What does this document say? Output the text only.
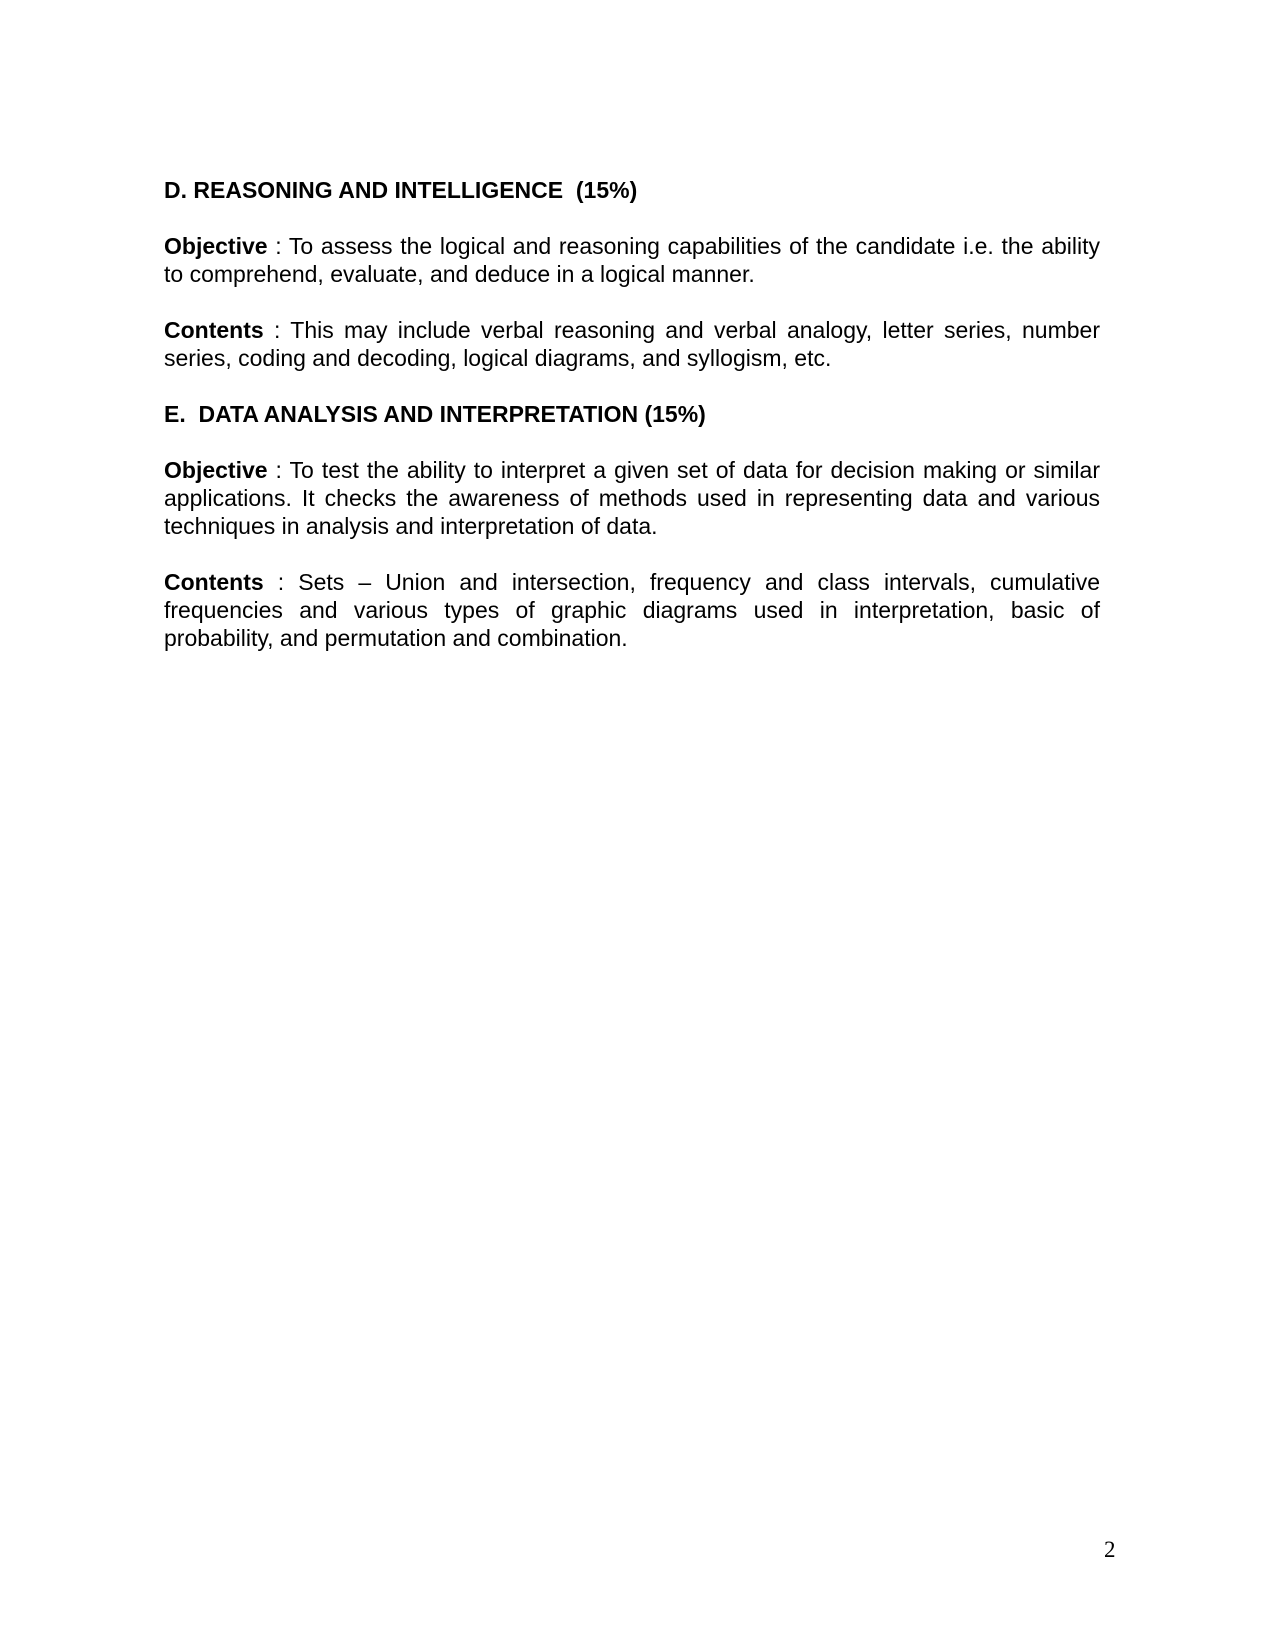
D. REASONING AND INTELLIGENCE  (15%)

Objective : To assess the logical and reasoning capabilities of the candidate i.e. the ability to comprehend, evaluate, and deduce in a logical manner.

Contents : This may include verbal reasoning and verbal analogy, letter series, number series, coding and decoding, logical diagrams, and syllogism, etc.

E.  DATA ANALYSIS AND INTERPRETATION (15%)

Objective : To test the ability to interpret a given set of data for decision making or similar applications. It checks the awareness of methods used in representing data and various techniques in analysis and interpretation of data.

Contents : Sets – Union and intersection, frequency and class intervals, cumulative frequencies and various types of graphic diagrams used in interpretation, basic of probability, and permutation and combination.

2
